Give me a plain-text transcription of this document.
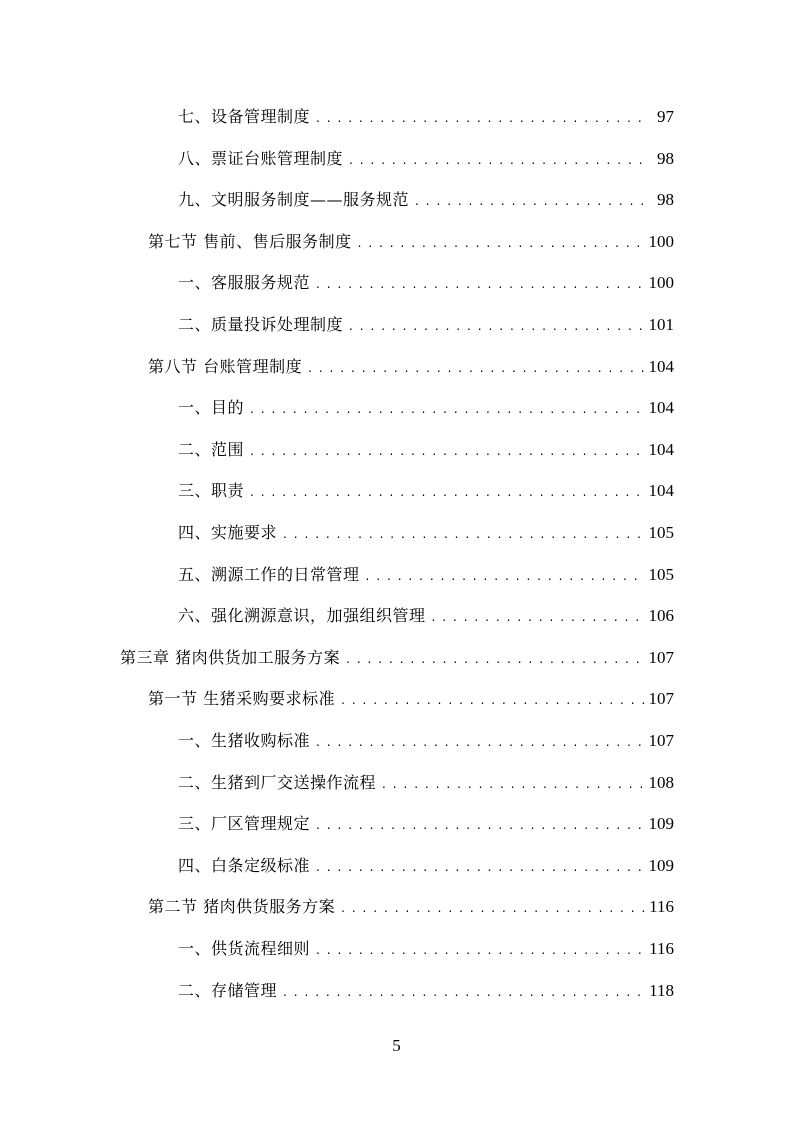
七、设备管理制度 . . .	97
八、票证台账管理制度 . . .	98
九、文明服务制度——服务规范 . . .	98
第七节 售前、售后服务制度 . . .	100
一、客服服务规范 . . .	100
二、质量投诉处理制度 . . .	101
第八节 台账管理制度 . . .	104
一、目的 . . .	104
二、范围 . . .	104
三、职责 . . .	104
四、实施要求 . . .	105
五、溯源工作的日常管理 . . .	105
六、强化溯源意识，加强组织管理 . . .	106
第三章 猪肉供货加工服务方案 . . .	107
第一节 生猪采购要求标准 . . .	107
一、生猪收购标准 . . .	107
二、生猪到厂交送操作流程 . . .	108
三、厂区管理规定 . . .	109
四、白条定级标准 . . .	109
第二节 猪肉供货服务方案 . . .	116
一、供货流程细则 . . .	116
二、存储管理 . . .	118
5
